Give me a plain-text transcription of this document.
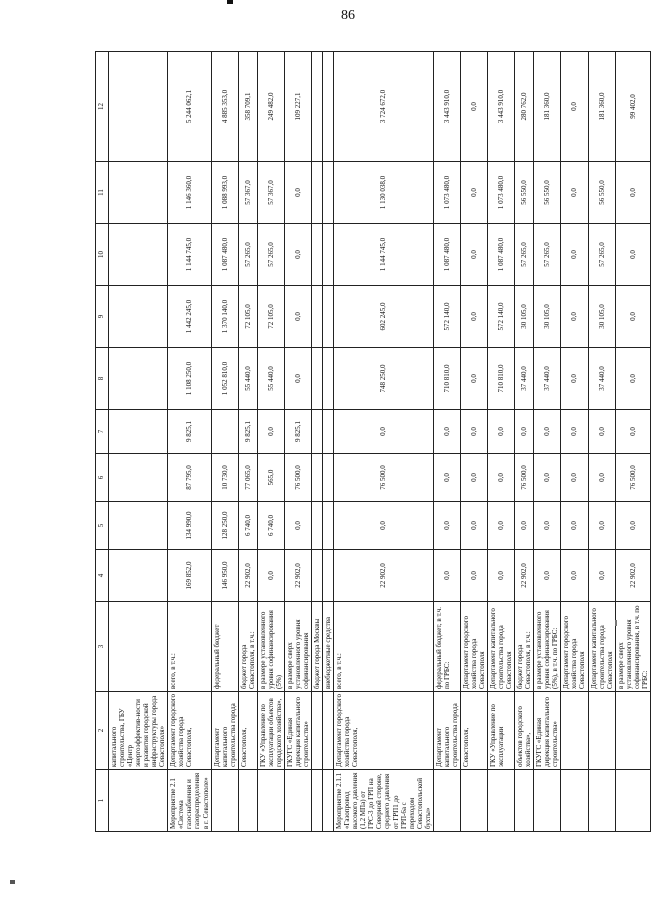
86
1	2	3	4	5	6	7	8	9	10	11	12
	капитального строительства, ГБУ «Центр энергоэффектив-ности и развития городской инфраструктуры города Севастополя»										
Мероприятие 2.1 «Система газоснабжения и газораспределения в г. Севастополе»	Департамент городского хозяйства города Севастополя,	всего, в т.ч.:	169 852,0	134 990,0	87 795,0	9 825,1	1 108 250,0	1 442 245,0	1 144 745,0	1 146 360,0	5 244 062,1
	Департамент капитального строительства города	федеральный бюджет	146 950,0	128 250,0	10 730,0		1 052 810,0	1 370 140,0	1 087 480,0	1 088 993,0	4 885 353,0
	Севастополя,	бюджет города Севастополя, в т.ч.:	22 902,0	6 740,0	77 065,0	9 825,1	55 440,0	72 105,0	57 265,0	57 367,0	358 709,1
	ГКУ «Управление по эксплуатации объектов городского хозяйства»,	в размере установленного уровня софинансирования (5%)	0,0	6 740,0	565,0	0,0	55 440,0	72 105,0	57 265,0	57 367,0	249 482,0
	ГКУГС «Единая дирекция капитального строительства»	в размере сверх установленного уровня софинансирования	22 902,0	0,0	76 500,0	9 825,1	0,0	0,0	0,0	0,0	109 227,1
		бюджет города Москвы									
		внебюджетные средства									
Мероприятие 2.1.1 «Газопровод высокого давления (1,2 МПа) от ГРС-3 до ГРП на Северной стороне, среднего давления от ГРП1 до ГРП-6а с переходом Севастопольской бухты»	Департамент городского хозяйства города Севастополя,	всего, в т.ч.:	22 902,0	0,0	76 500,0	0,0	748 250,0	602 245,0	1 144 745,0	1 130 038,0	3 724 672,0
	Департамент капитального строительства города	федеральный бюджет, в т.ч. по ГРБС:	0,0	0,0	0,0	0,0	710 810,0	572 140,0	1 087 480,0	1 073 480,0	3 443 910,0
	Севастополя,	Департамент городского хозяйства города Севастополя	0,0	0,0	0,0	0,0	0,0	0,0	0,0	0,0	0,0
	ГКУ «Управление по эксплуатации	Департамент капитального строительства города Севастополя	0,0	0,0	0,0	0,0	710 810,0	572 140,0	1 087 480,0	1 073 480,0	3 443 910,0
	объектов городского хозяйства»,	бюджет города Севастополя, в т.ч.:	22 902,0	0,0	76 500,0	0,0	37 440,0	30 105,0	57 265,0	56 550,0	280 762,0
	ГКУГС «Единая дирекция капитального строительства»	в размере установленного уровня софинансирования (5%), в т.ч. по ГРБС:	0,0	0,0	0,0	0,0	37 440,0	30 105,0	57 265,0	56 550,0	181 360,0
		Департамент городского хозяйства города Севастополя	0,0	0,0	0,0	0,0	0,0	0,0	0,0	0,0	0,0
		Департамент капитального строительства города Севастополя	0,0	0,0	0,0	0,0	37 440,0	30 105,0	57 265,0	56 550,0	181 360,0
		в размере сверх установленного уровня софинансирования, в т.ч. по ГРБС:	22 902,0	0,0	76 500,0	0,0	0,0	0,0	0,0	0,0	99 402,0
